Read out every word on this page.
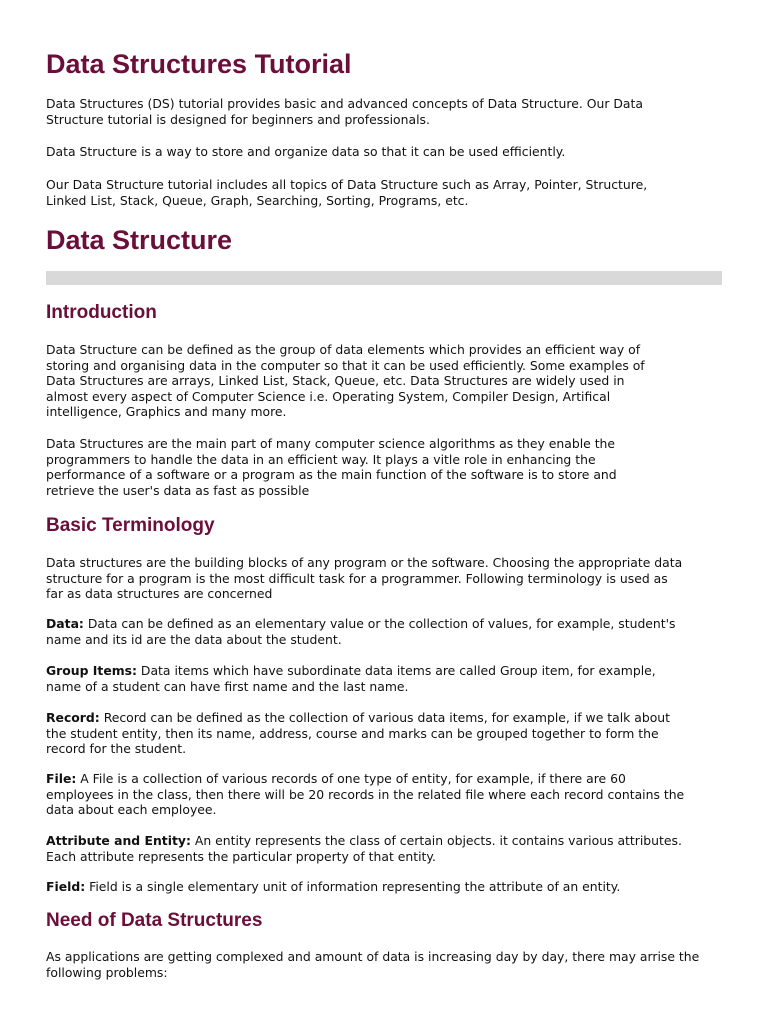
Data Structures Tutorial

Data Structures (DS) tutorial provides basic and advanced concepts of Data Structure. Our Data
Structure tutorial is designed for beginners and professionals.

Data Structure is a way to store and organize data so that it can be used efficiently.

Our Data Structure tutorial includes all topics of Data Structure such as Array, Pointer, Structure,
Linked List, Stack, Queue, Graph, Searching, Sorting, Programs, etc.

Data Structure
Introduction

Data Structure can be defined as the group of data elements which provides an efficient way of
storing and organising data in the computer so that it can be used efficiently. Some examples of
Data Structures are arrays, Linked List, Stack, Queue, etc. Data Structures are widely used in
almost every aspect of Computer Science i.e. Operating System, Compiler Design, Artifical
intelligence, Graphics and many more.

Data Structures are the main part of many computer science algorithms as they enable the
programmers to handle the data in an efficient way. It plays a vitle role in enhancing the
performance of a software or a program as the main function of the software is to store and
retrieve the user's data as fast as possible

Basic Terminology

Data structures are the building blocks of any program or the software. Choosing the appropriate data
structure for a program is the most difficult task for a programmer. Following terminology is used as
far as data structures are concerned

Data: Data can be defined as an elementary value or the collection of values, for example, student's
name and its id are the data about the student.

Group Items: Data items which have subordinate data items are called Group item, for example,
name of a student can have first name and the last name.

Record: Record can be defined as the collection of various data items, for example, if we talk about
the student entity, then its name, address, course and marks can be grouped together to form the
record for the student.

File: A File is a collection of various records of one type of entity, for example, if there are 60
employees in the class, then there will be 20 records in the related file where each record contains the
data about each employee.

Attribute and Entity: An entity represents the class of certain objects. it contains various attributes.
Each attribute represents the particular property of that entity.

Field: Field is a single elementary unit of information representing the attribute of an entity.

Need of Data Structures

As applications are getting complexed and amount of data is increasing day by day, there may arrise the
following problems:
